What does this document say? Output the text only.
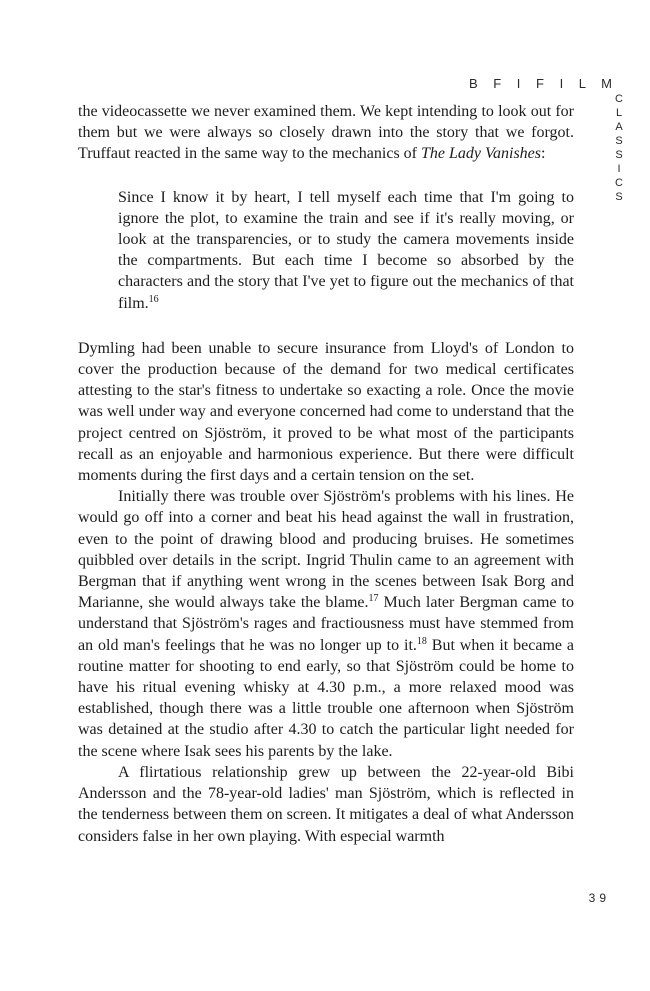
B F I F I L M
C
L
A
S
S
I
C
S

the videocassette we never examined them. We kept intending to look out for them but we were always so closely drawn into the story that we forgot. Truffaut reacted in the same way to the mechanics of The Lady Vanishes:

Since I know it by heart, I tell myself each time that I'm going to ignore the plot, to examine the train and see if it's really moving, or look at the transparencies, or to study the camera movements inside the compartments. But each time I become so absorbed by the characters and the story that I've yet to figure out the mechanics of that film.$^{16}$

Dymling had been unable to secure insurance from Lloyd's of London to cover the production because of the demand for two medical certificates attesting to the star's fitness to undertake so exacting a role. Once the movie was well under way and everyone concerned had come to understand that the project centred on Sjöström, it proved to be what most of the participants recall as an enjoyable and harmonious experience. But there were difficult moments during the first days and a certain tension on the set.

Initially there was trouble over Sjöström's problems with his lines. He would go off into a corner and beat his head against the wall in frustration, even to the point of drawing blood and producing bruises. He sometimes quibbled over details in the script. Ingrid Thulin came to an agreement with Bergman that if anything went wrong in the scenes between Isak Borg and Marianne, she would always take the blame.$^{17}$ Much later Bergman came to understand that Sjöström's rages and fractiousness must have stemmed from an old man's feelings that he was no longer up to it.$^{18}$ But when it became a routine matter for shooting to end early, so that Sjöström could be home to have his ritual evening whisky at 4.30 p.m., a more relaxed mood was established, though there was a little trouble one afternoon when Sjöström was detained at the studio after 4.30 to catch the particular light needed for the scene where Isak sees his parents by the lake.

A flirtatious relationship grew up between the 22-year-old Bibi Andersson and the 78-year-old ladies' man Sjöström, which is reflected in the tenderness between them on screen. It mitigates a deal of what Andersson considers false in her own playing. With especial warmth

39
